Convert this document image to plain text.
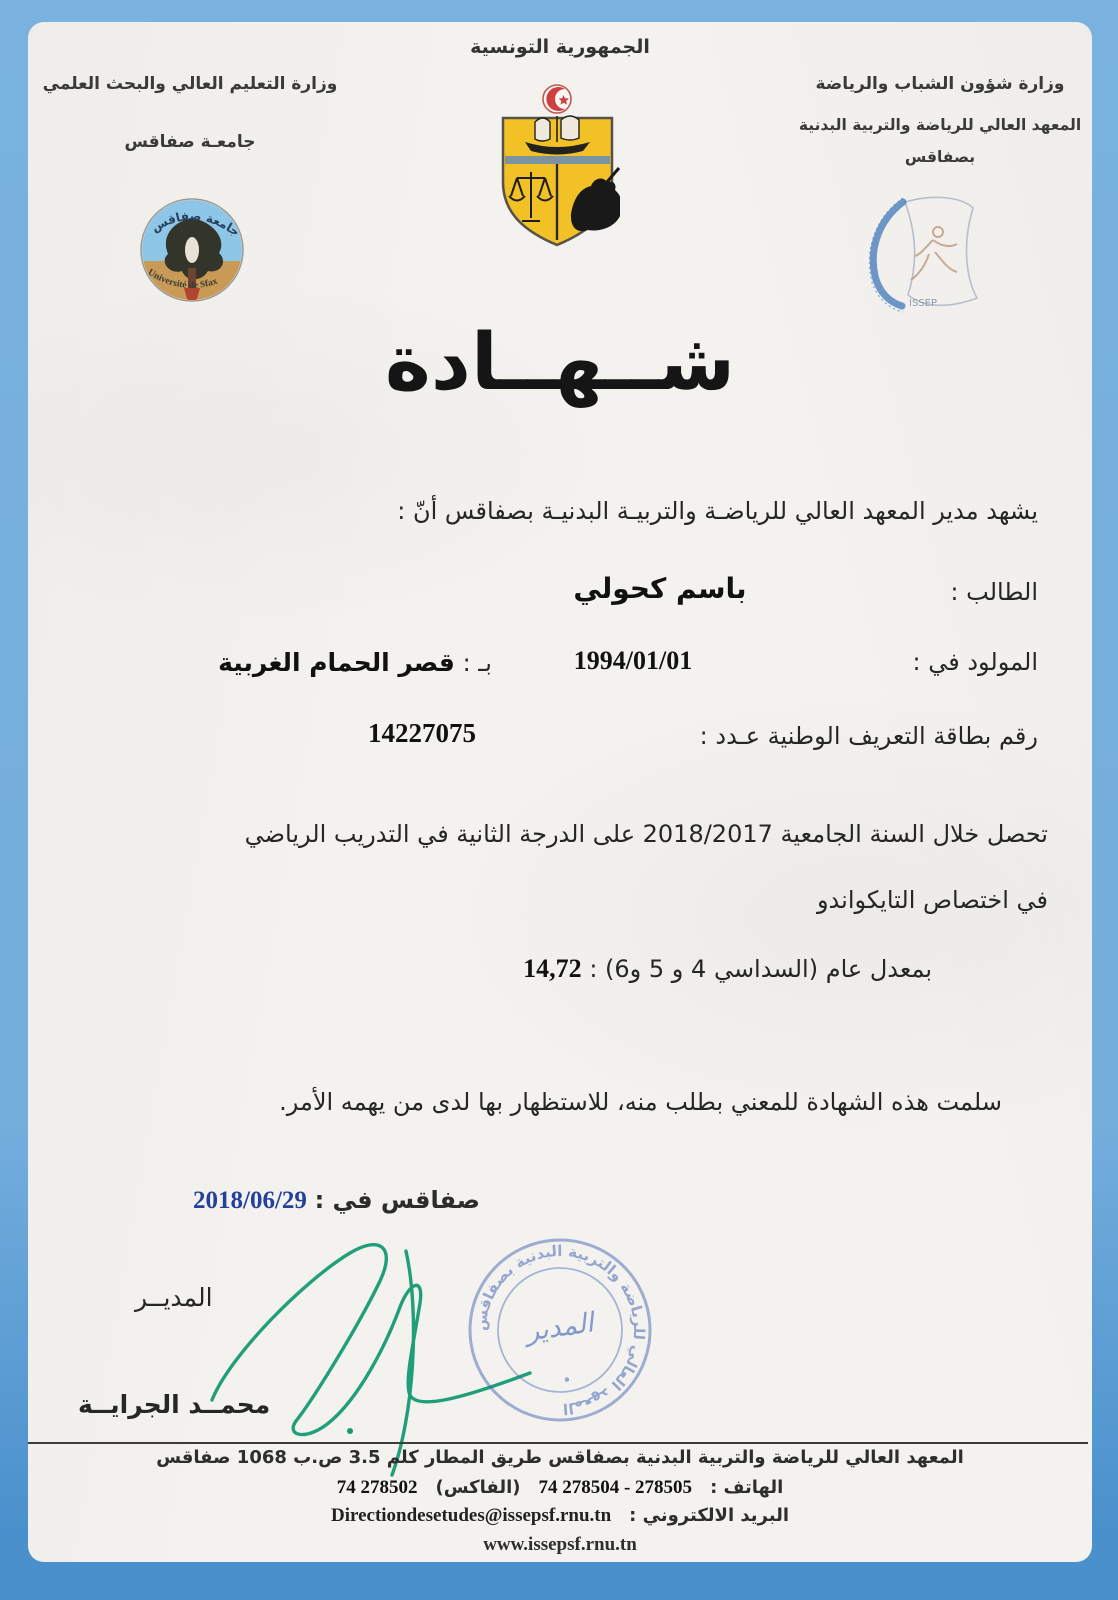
الجمهورية التونسية
وزارة التعليم العالي والبحث العلمي
جامعـة صفاقس
جامعة صفاقس
Université de Sfax
وزارة شؤون الشباب والرياضة
المعهد العالي للرياضة والتربية البدنية
بصفاقس
ISSEP
شــهــادة
يشهد مدير المعهد العالي للرياضـة والتربيـة البدنيـة بصفاقس أنّ :
الطالب :
باسم كحولي
المولود في :
1994/01/01
بـ : قصر الحمام الغربية
رقم بطاقة التعريف الوطنية عـدد :
14227075
تحصل خلال السنة الجامعية 2018/2017 على الدرجة الثانية في التدريب الرياضي
في اختصاص التايكواندو
بمعدل عام (السداسي 4 و 5 و6) : 14,72
سلمت هذه الشهادة للمعني بطلب منه، للاستظهار بها لدى من يهمه الأمر.
صفاقس في : 2018/06/29
المديــر
محمــد الجرايــة
المعهد العالي للرياضة والتربية البدنية بصفاقس
المدير
المعهد العالي للرياضة والتربية البدنية بصفاقس طريق المطار كلم 3.5 ص.ب 1068 صفاقس
الهاتف :
74 278504 - 278505
(الفاكس)
74 278502
البريد الالكتروني :
Directiondesetudes@issepsf.rnu.tn
www.issepsf.rnu.tn
